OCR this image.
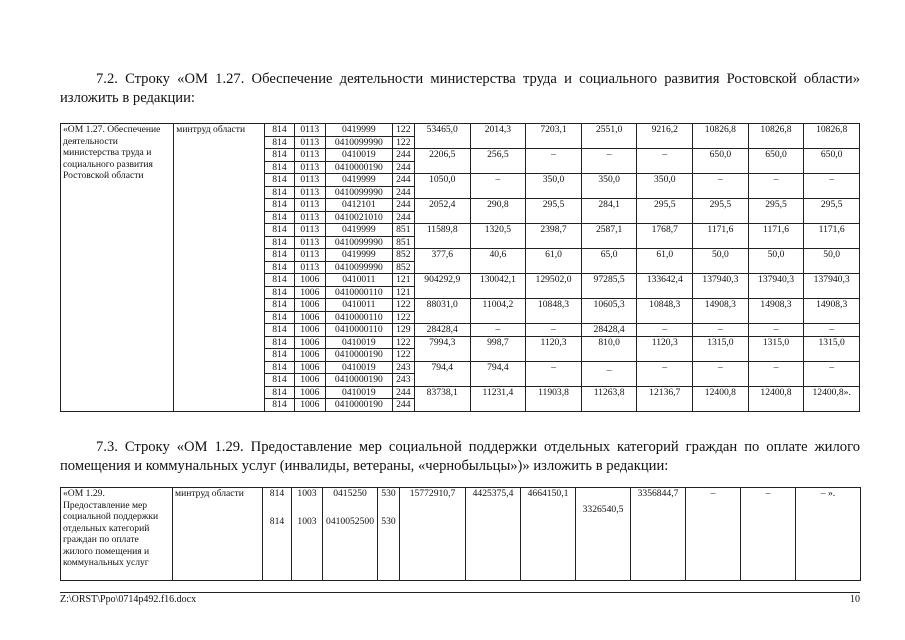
7.2. Строку «ОМ 1.27. Обеспечение деятельности министерства труда и социального развития Ростовской области» изложить в редакции:
«ОМ 1.27. Обеспечение деятельности министерства труда и социального развития Ростовской области	минтруд области	814	0113	0419999	122	53465,0	2014,3	7203,1	2551,0	9216,2	10826,8	10826,8	10826,8
		814	0113	0410099990	122								
		814	0113	0410019	244	2206,5	256,5	–	–	–	650,0	650,0	650,0
		814	0113	0410000190	244								
		814	0113	0419999	244	1050,0	–	350,0	350,0	350,0	–	–	–
		814	0113	0410099990	244								
		814	0113	0412101	244	2052,4	290,8	295,5	284,1	295,5	295,5	295,5	295,5
		814	0113	0410021010	244								
		814	0113	0419999	851	11589,8	1320,5	2398,7	2587,1	1768,7	1171,6	1171,6	1171,6
		814	0113	0410099990	851								
		814	0113	0419999	852	377,6	40,6	61,0	65,0	61,0	50,0	50,0	50,0
		814	0113	0410099990	852								
		814	1006	0410011	121	904292,9	130042,1	129502,0	97285,5	133642,4	137940,3	137940,3	137940,3
		814	1006	0410000110	121								
		814	1006	0410011	122	88031,0	11004,2	10848,3	10605,3	10848,3	14908,3	14908,3	14908,3
		814	1006	0410000110	122								
		814	1006	0410000110	129	28428,4	–	–	28428,4	–	–	–	–
		814	1006	0410019	122	7994,3	998,7	1120,3	810,0	1120,3	1315,0	1315,0	1315,0
		814	1006	0410000190	122								
		814	1006	0410019	243	794,4	794,4	–	_	–	–	–	–
		814	1006	0410000190	243								
		814	1006	0410019	244	83738,1	11231,4	11903,8	11263,8	12136,7	12400,8	12400,8	12400,8».
		814	1006	0410000190	244								
7.3. Строку «ОМ 1.29. Предоставление мер социальной поддержки отдельных категорий граждан по оплате жилого помещения и коммунальных услуг (инвалиды, ветераны, «чернобыльцы»)» изложить в редакции:
«ОМ 1.29. Предоставление мер социальной поддержки отдельных категорий граждан по оплате жилого помещения и коммунальных услуг	минтруд области	814	1003	0415250	530	15772910,7	4425375,4	4664150,1	3326540,5	3356844,7	–	–	– ».
		814	1003	0410052500	530								
Z:\ORST\Ppo\0714p492.f16.docx	10
